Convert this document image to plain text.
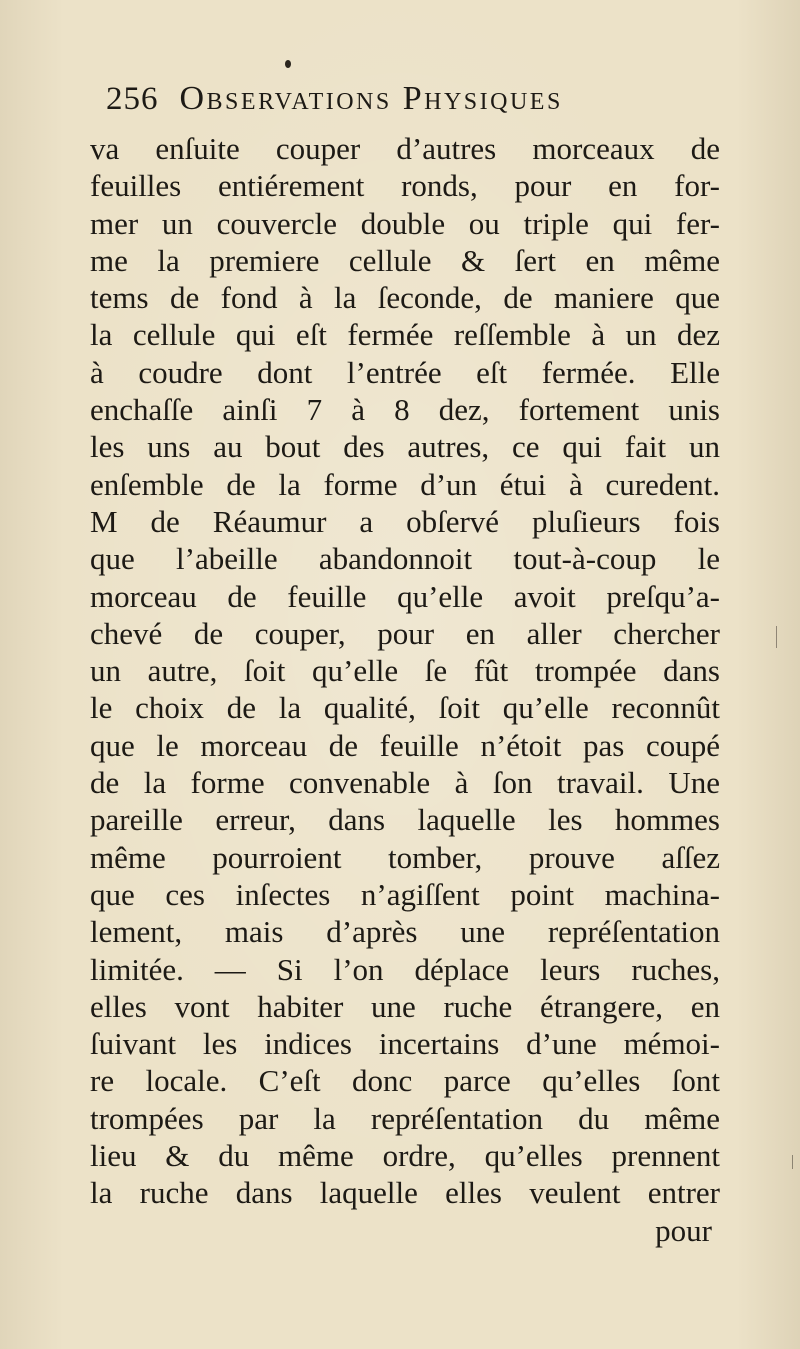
256 Observations Physiques
va enſuite couper d’autres morceaux de
feuilles entiérement ronds, pour en for-
mer un couvercle double ou triple qui fer-
me la premiere cellule & ſert en même
tems de fond à la ſeconde, de maniere que
la cellule qui eſt fermée reſſemble à un dez
à coudre dont l’entrée eſt fermée. Elle
enchaſſe ainſi 7 à 8 dez, fortement unis
les uns au bout des autres, ce qui fait un
enſemble de la forme d’un étui à curedent.
M de Réaumur a obſervé pluſieurs fois
que l’abeille abandonnoit tout-à-coup le
morceau de feuille qu’elle avoit preſqu’a-
chevé de couper, pour en aller chercher
un autre, ſoit qu’elle ſe fût trompée dans
le choix de la qualité, ſoit qu’elle reconnût
que le morceau de feuille n’étoit pas coupé
de la forme convenable à ſon travail. Une
pareille erreur, dans laquelle les hommes
même pourroient tomber, prouve aſſez
que ces inſectes n’agiſſent point machina-
lement, mais d’après une repréſentation
limitée. — Si l’on déplace leurs ruches,
elles vont habiter une ruche étrangere, en
ſuivant les indices incertains d’une mémoi-
re locale. C’eſt donc parce qu’elles ſont
trompées par la repréſentation du même
lieu & du même ordre, qu’elles prennent
la ruche dans laquelle elles veulent entrer
pour
